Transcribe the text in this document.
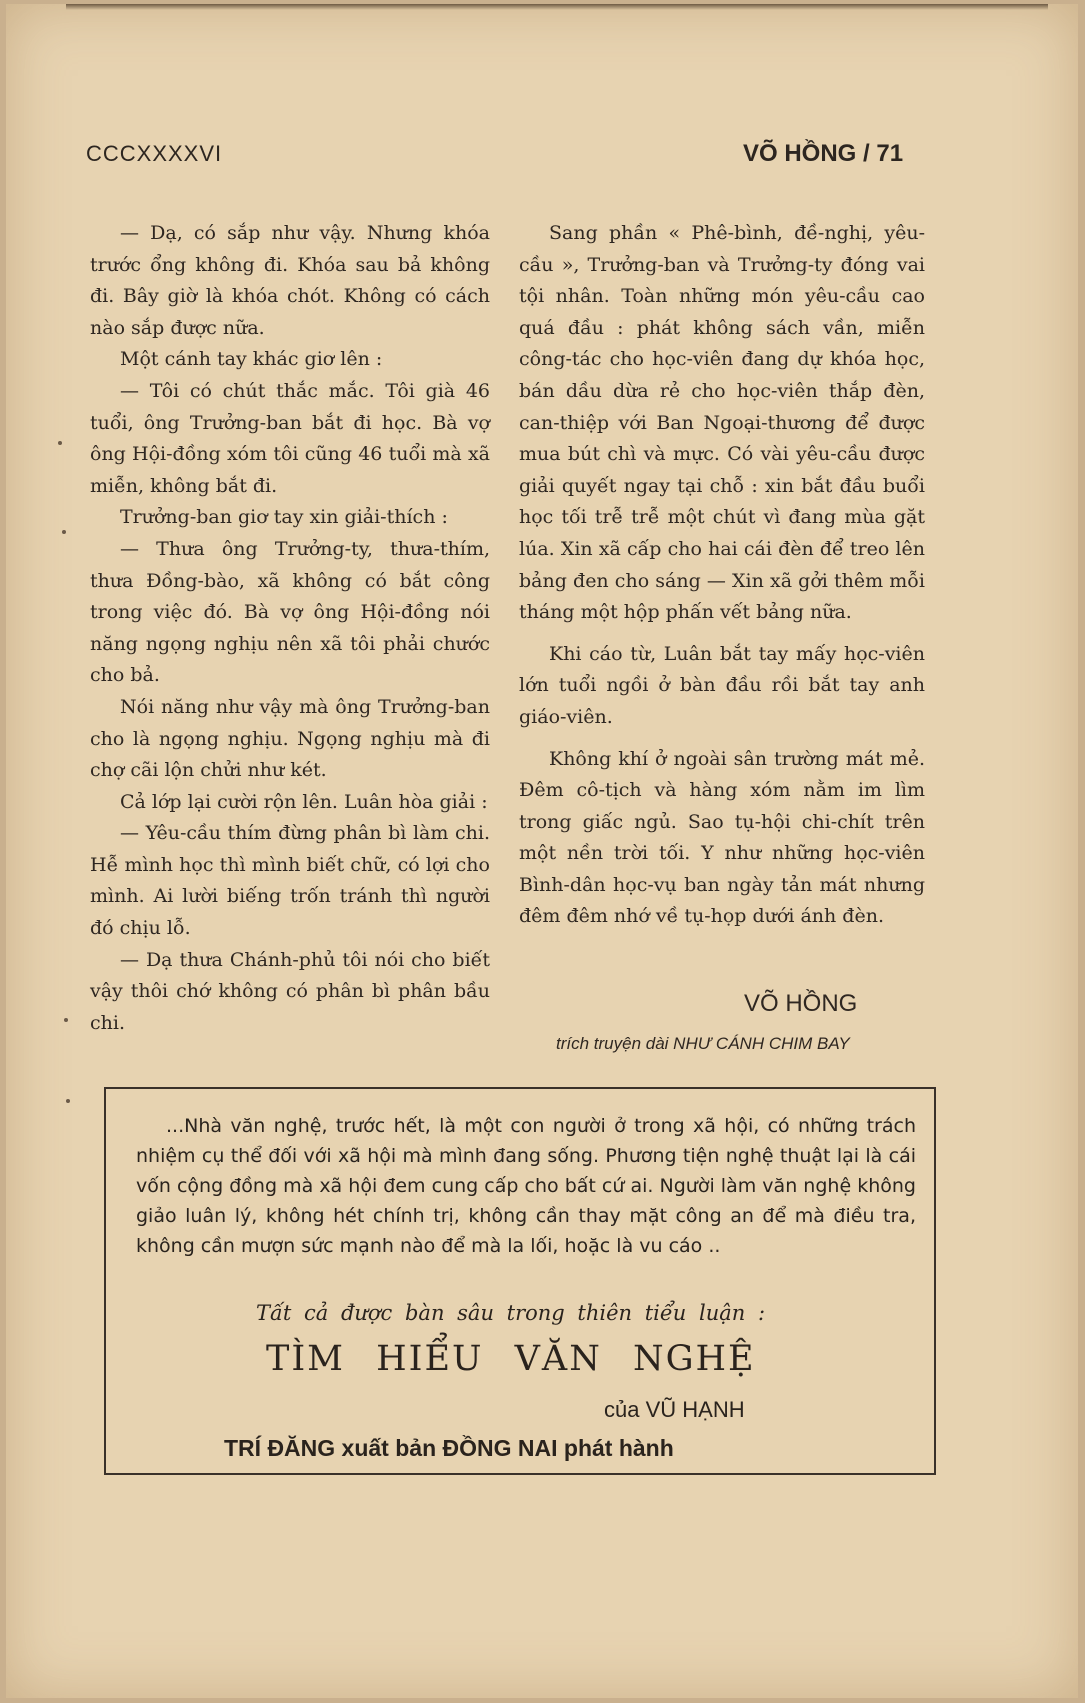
CCCXXXXVI	VÕ HỒNG / 71

— Dạ, có sắp như vậy. Nhưng khóa trước ổng không đi. Khóa sau bả không đi. Bây giờ là khóa chót. Không có cách nào sắp được nữa.

Một cánh tay khác giơ lên :

— Tôi có chút thắc mắc. Tôi già 46 tuổi, ông Trưởng-ban bắt đi học. Bà vợ ông Hội-đồng xóm tôi cũng 46 tuổi mà xã miễn, không bắt đi.

Trưởng-ban giơ tay xin giải-thích :

— Thưa ông Trưởng-ty, thưa-thím, thưa Đồng-bào, xã không có bắt công trong việc đó. Bà vợ ông Hội-đồng nói năng ngọng nghịu nên xã tôi phải chước cho bả.

Nói năng như vậy mà ông Trưởng-ban cho là ngọng nghịu. Ngọng nghịu mà đi chợ cãi lộn chửi như két.

Cả lớp lại cười rộn lên. Luân hòa giải :

— Yêu-cầu thím đừng phân bì làm chi. Hễ mình học thì mình biết chữ, có lợi cho mình. Ai lười biếng trốn tránh thì người đó chịu lỗ.

— Dạ thưa Chánh-phủ tôi nói cho biết vậy thôi chớ không có phân bì phân bầu chi.

Sang phần « Phê-bình, đề-nghị, yêu-cầu », Trưởng-ban và Trưởng-ty đóng vai tội nhân. Toàn những món yêu-cầu cao quá đầu : phát không sách vần, miễn công-tác cho học-viên đang dự khóa học, bán dầu dừa rẻ cho học-viên thắp đèn, can-thiệp với Ban Ngoại-thương để được mua bút chì và mực. Có vài yêu-cầu được giải quyết ngay tại chỗ : xin bắt đầu buổi học tối trễ trễ một chút vì đang mùa gặt lúa. Xin xã cấp cho hai cái đèn để treo lên bảng đen cho sáng — Xin xã gởi thêm mỗi tháng một hộp phấn vết bảng nữa.

Khi cáo từ, Luân bắt tay mấy học-viên lớn tuổi ngồi ở bàn đầu rồi bắt tay anh giáo-viên.

Không khí ở ngoài sân trường mát mẻ. Đêm cô-tịch và hàng xóm nằm im lìm trong giấc ngủ. Sao tụ-hội chi-chít trên một nền trời tối. Y như những học-viên Bình-dân học-vụ ban ngày tản mát nhưng đêm đêm nhớ về tụ-họp dưới ánh đèn.

VÕ HỒNG
trích truyện dài NHƯ CÁNH CHIM BAY
...Nhà văn nghệ, trước hết, là một con người ở trong xã hội, có những trách nhiệm cụ thể đối với xã hội mà mình đang sống. Phương tiện nghệ thuật lại là cái vốn cộng đồng mà xã hội đem cung cấp cho bất cứ ai. Người làm văn nghệ không giảo luân lý, không hét chính trị, không cần thay mặt công an để mà điều tra, không cần mượn sức mạnh nào để mà la lối, hoặc là vu cáo ..
Tất cả được bàn sâu trong thiên tiểu luận :
TÌM HIỂU VĂN NGHỆ
của VŨ HẠNH
TRÍ ĐĂNG xuất bản ĐỒNG NAI phát hành
